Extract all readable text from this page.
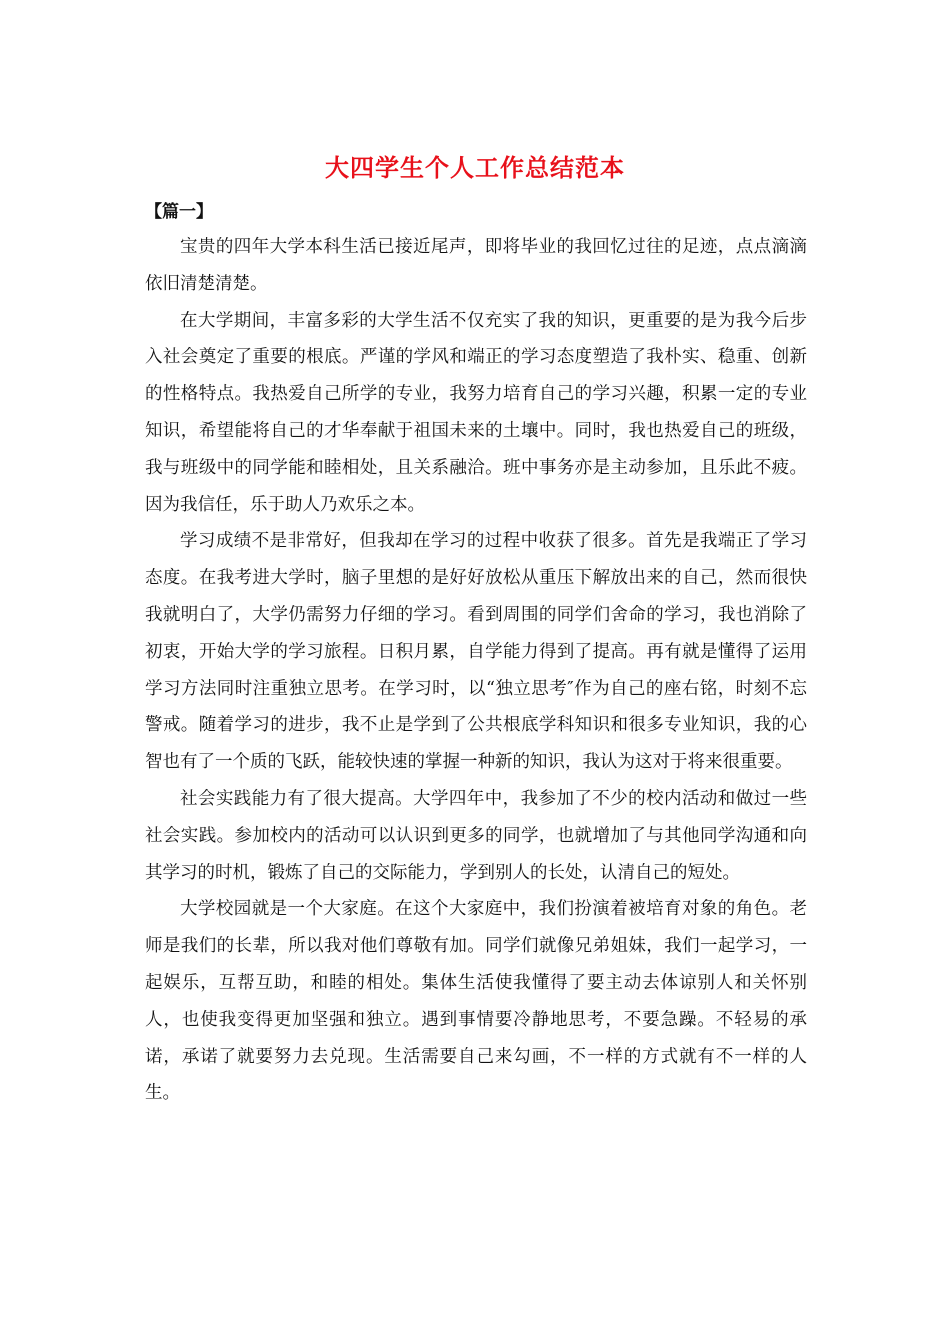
大四学生个人工作总结范本
【篇一】

宝贵的四年大学本科生活已接近尾声，即将毕业的我回忆过往的足迹，点点滴滴依旧清楚清楚。

在大学期间，丰富多彩的大学生活不仅充实了我的知识，更重要的是为我今后步入社会奠定了重要的根底。严谨的学风和端正的学习态度塑造了我朴实、稳重、创新的性格特点。我热爱自己所学的专业，我努力培育自己的学习兴趣，积累一定的专业知识，希望能将自己的才华奉献于祖国未来的土壤中。同时，我也热爱自己的班级，我与班级中的同学能和睦相处，且关系融洽。班中事务亦是主动参加，且乐此不疲。因为我信任，乐于助人乃欢乐之本。

学习成绩不是非常好，但我却在学习的过程中收获了很多。首先是我端正了学习态度。在我考进大学时，脑子里想的是好好放松从重压下解放出来的自己，然而很快我就明白了，大学仍需努力仔细的学习。看到周围的同学们舍命的学习，我也消除了初衷，开始大学的学习旅程。日积月累，自学能力得到了提高。再有就是懂得了运用学习方法同时注重独立思考。在学习时，以“独立思考″作为自己的座右铭，时刻不忘警戒。随着学习的进步，我不止是学到了公共根底学科知识和很多专业知识，我的心智也有了一个质的飞跃，能较快速的掌握一种新的知识，我认为这对于将来很重要。

社会实践能力有了很大提高。大学四年中，我参加了不少的校内活动和做过一些社会实践。参加校内的活动可以认识到更多的同学，也就增加了与其他同学沟通和向其学习的时机，锻炼了自己的交际能力，学到别人的长处，认清自己的短处。

大学校园就是一个大家庭。在这个大家庭中，我们扮演着被培育对象的角色。老师是我们的长辈，所以我对他们尊敬有加。同学们就像兄弟姐妹，我们一起学习，一起娱乐，互帮互助，和睦的相处。集体生活使我懂得了要主动去体谅别人和关怀别人，也使我变得更加坚强和独立。遇到事情要冷静地思考，不要急躁。不轻易的承诺，承诺了就要努力去兑现。生活需要自己来勾画，不一样的方式就有不一样的人生。
